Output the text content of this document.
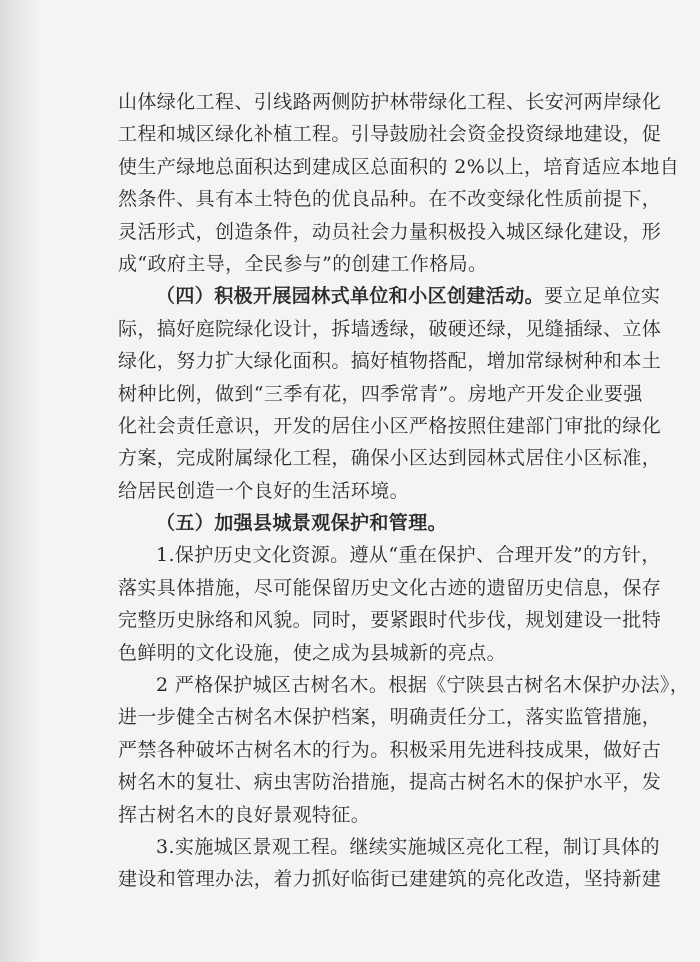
山体绿化工程、引线路两侧防护林带绿化工程、长安河两岸绿化
工程和城区绿化补植工程。引导鼓励社会资金投资绿地建设，促
使生产绿地总面积达到建成区总面积的 2%以上，培育适应本地自
然条件、具有本土特色的优良品种。在不改变绿化性质前提下，
灵活形式，创造条件，动员社会力量积极投入城区绿化建设，形
成“政府主导，全民参与”的创建工作格局。
（四）积极开展园林式单位和小区创建活动。要立足单位实
际，搞好庭院绿化设计，拆墙透绿，破硬还绿，见缝插绿、立体
绿化，努力扩大绿化面积。搞好植物搭配，增加常绿树种和本土
树种比例，做到“三季有花，四季常青”。房地产开发企业要强
化社会责任意识，开发的居住小区严格按照住建部门审批的绿化
方案，完成附属绿化工程，确保小区达到园林式居住小区标准，
给居民创造一个良好的生活环境。
（五）加强县城景观保护和管理。
1.保护历史文化资源。遵从“重在保护、合理开发”的方针，
落实具体措施，尽可能保留历史文化古迹的遗留历史信息，保存
完整历史脉络和风貌。同时，要紧跟时代步伐，规划建设一批特
色鲜明的文化设施，使之成为县城新的亮点。
2 严格保护城区古树名木。根据《宁陕县古树名木保护办法》，
进一步健全古树名木保护档案，明确责任分工，落实监管措施，
严禁各种破坏古树名木的行为。积极采用先进科技成果，做好古
树名木的复壮、病虫害防治措施，提高古树名木的保护水平，发
挥古树名木的良好景观特征。
3.实施城区景观工程。继续实施城区亮化工程，制订具体的
建设和管理办法，着力抓好临街已建建筑的亮化改造，坚持新建
